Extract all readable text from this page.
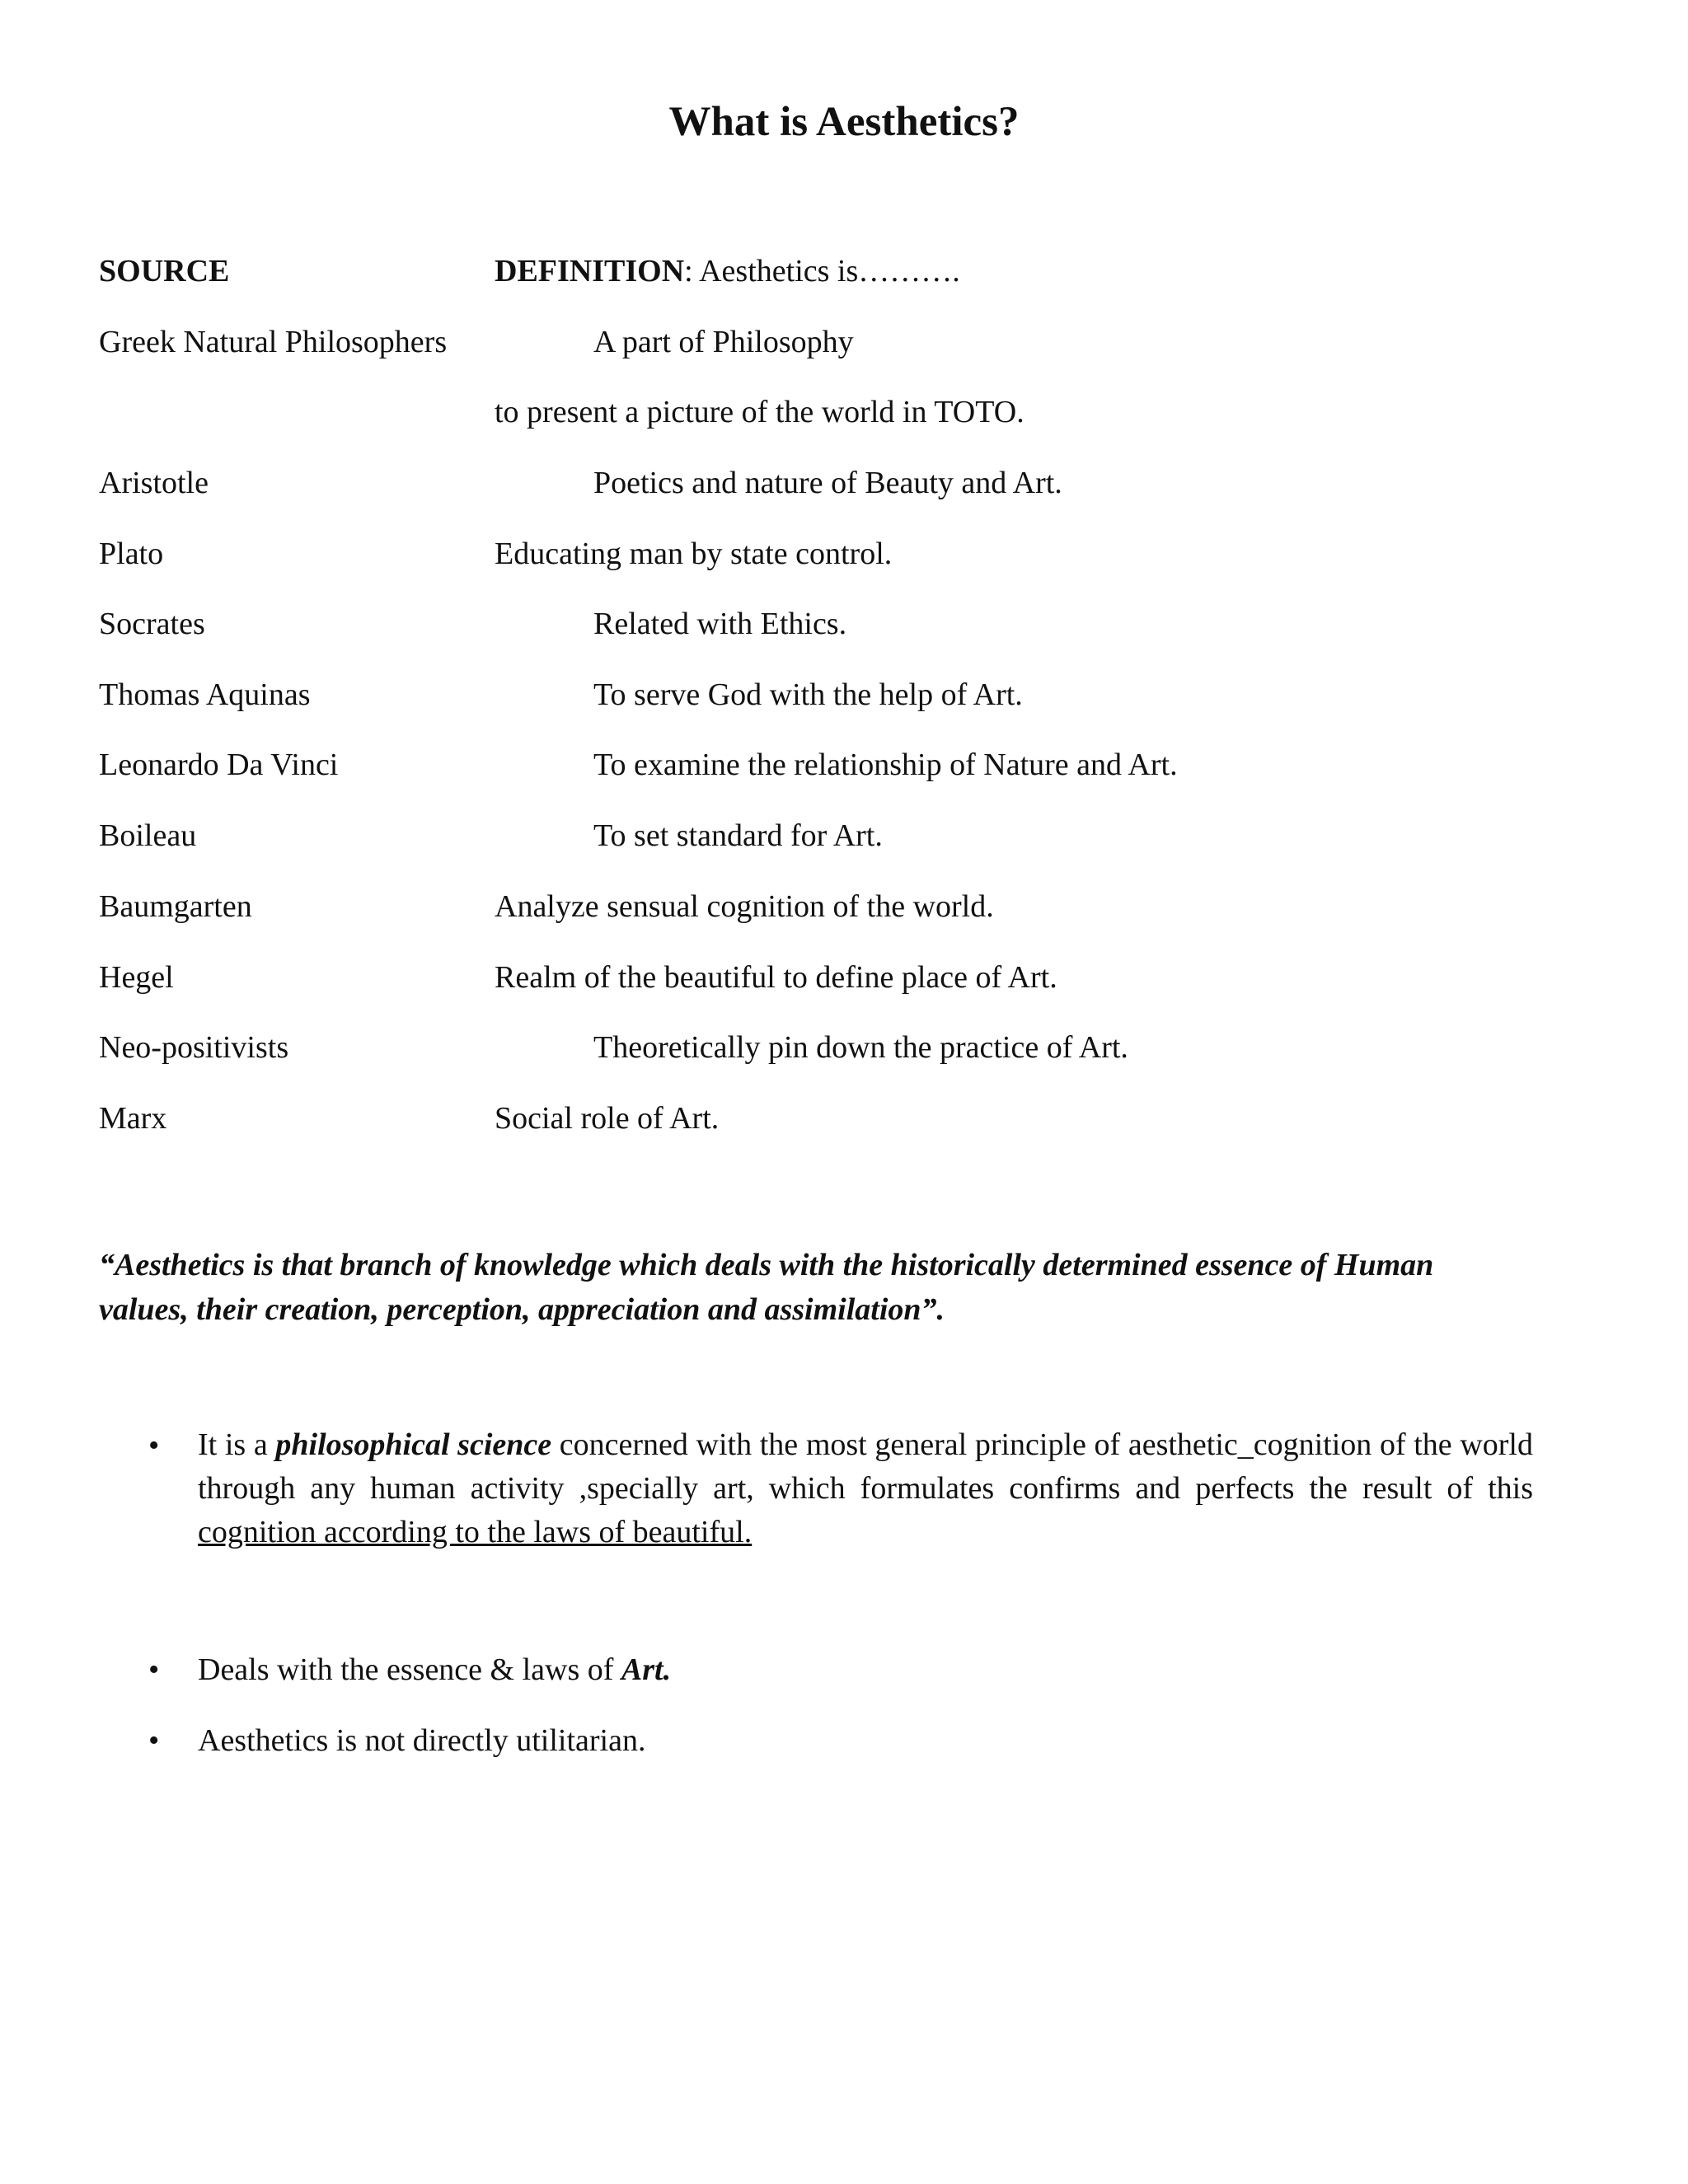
What is Aesthetics?
SOURCE	DEFINITION: Aesthetics is……….
Greek Natural Philosophers	A part of Philosophy
to present a picture of the world in TOTO.
Aristotle	Poetics and nature of Beauty and Art.
Plato	Educating man by state control.
Socrates	Related with Ethics.
Thomas Aquinas	To serve God with the help of Art.
Leonardo Da Vinci	To examine the relationship of Nature and Art.
Boileau	To set standard for Art.
Baumgarten	Analyze sensual cognition of the world.
Hegel	Realm of the beautiful to define place of Art.
Neo-positivists	Theoretically pin down the practice of Art.
Marx	Social role of Art.

“Aesthetics is that branch of knowledge which deals with the historically determined essence of Human values, their creation, perception, appreciation and assimilation”.

• It is a philosophical science concerned with the most general principle of aesthetic_cognition of the world through any human activity ,specially art, which formulates confirms and perfects the result of this cognition according to the laws of beautiful.
• Deals with the essence & laws of Art.
• Aesthetics is not directly utilitarian.
